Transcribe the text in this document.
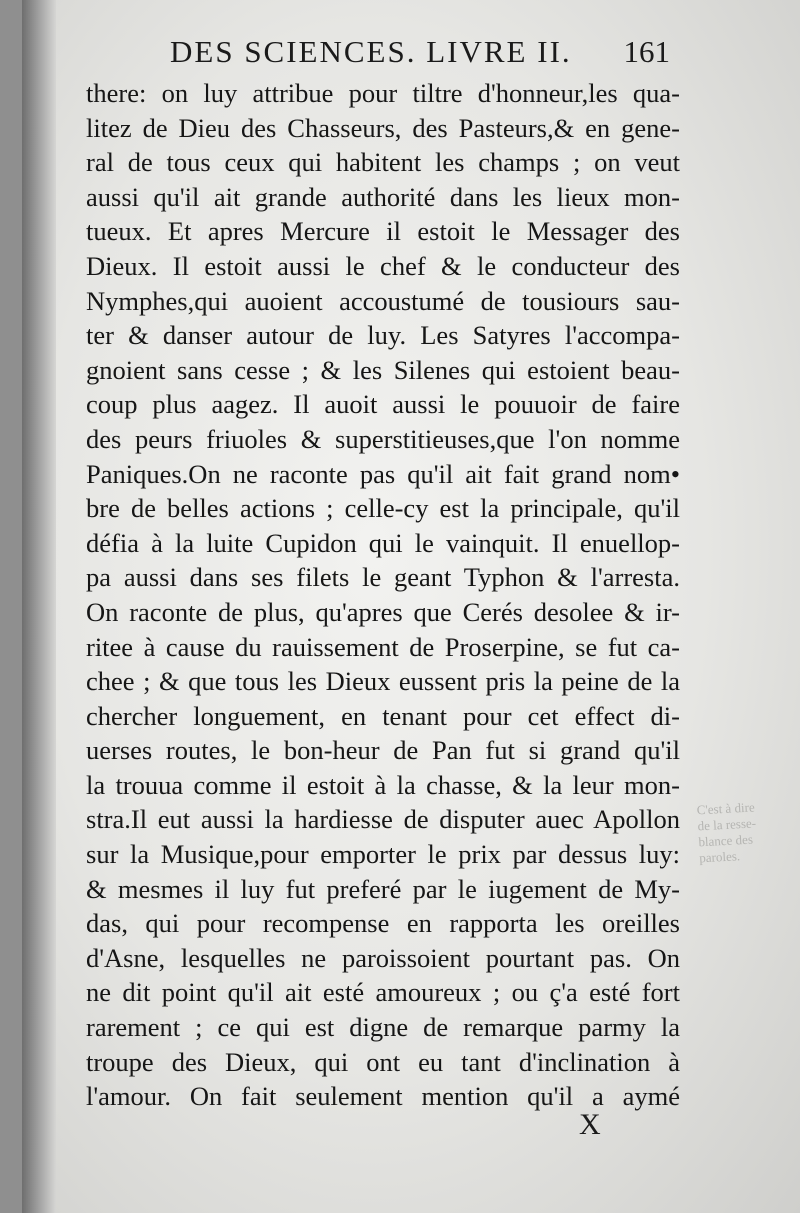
DES SCIENCES. LIVRE II. 161
there: on luy attribue pour tiltre d'honneur,les qua-
litez de Dieu des Chasseurs, des Pasteurs,& en gene-
ral de tous ceux qui habitent les champs ; on veut
aussi qu'il ait grande authorité dans les lieux mon-
tueux. Et apres Mercure il estoit le Messager des
Dieux. Il estoit aussi le chef & le conducteur des
Nymphes,qui auoient accoustumé de tousiours sau-
ter & danser autour de luy. Les Satyres l'accompa-
gnoient sans cesse ; & les Silenes qui estoient beau-
coup plus aagez. Il auoit aussi le pouuoir de faire
des peurs friuoles & superstitieuses,que l'on nomme
Paniques.On ne raconte pas qu'il ait fait grand nom•
bre de belles actions ; celle-cy est la principale, qu'il
défia à la luite Cupidon qui le vainquit. Il enuellop-
pa aussi dans ses filets le geant Typhon & l'arresta.
On raconte de plus, qu'apres que Cerés desolee & ir-
ritee à cause du rauissement de Proserpine, se fut ca-
chee ; & que tous les Dieux eussent pris la peine de la
chercher longuement, en tenant pour cet effect di-
uerses routes, le bon-heur de Pan fut si grand qu'il
la trouua comme il estoit à la chasse, & la leur mon-
stra.Il eut aussi la hardiesse de disputer auec Apollon
sur la Musique,pour emporter le prix par dessus luy:
& mesmes il luy fut preferé par le iugement de My-
das, qui pour recompense en rapporta les oreilles
d'Asne, lesquelles ne paroissoient pourtant pas. On
ne dit point qu'il ait esté amoureux ; ou ç'a esté fort
rarement ; ce qui est digne de remarque parmy la
troupe des Dieux, qui ont eu tant d'inclination à
l'amour. On fait seulement mention qu'il a aymé
C'est à dire
de la resse-
blance des
paroles.
X
